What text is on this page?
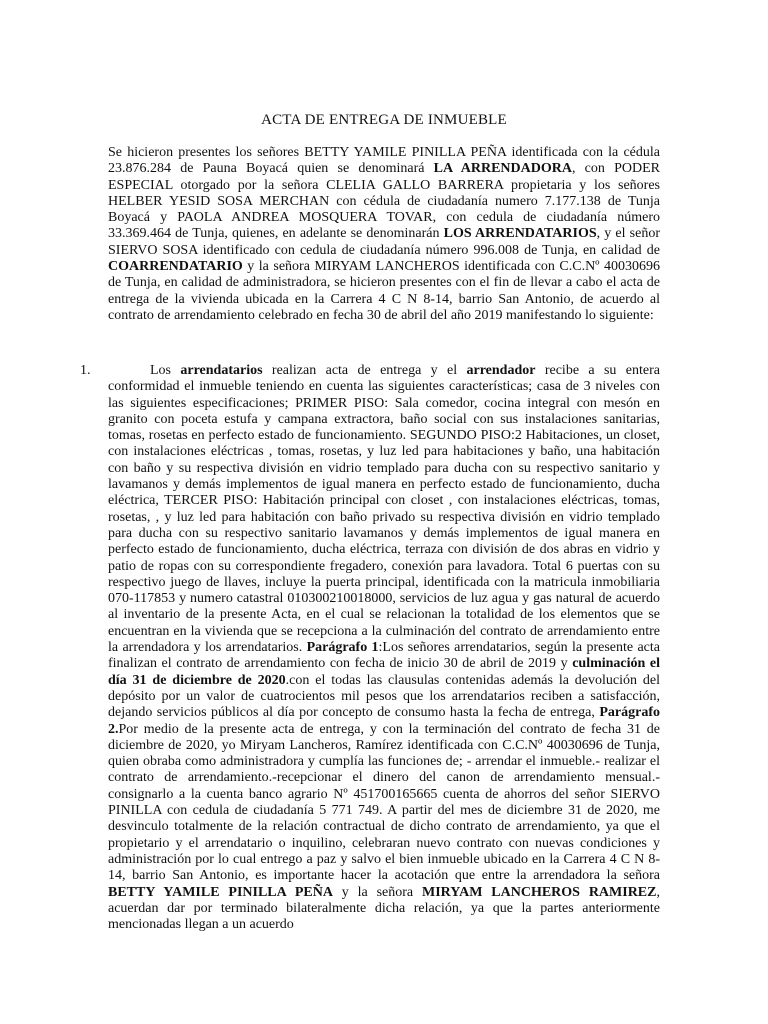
ACTA DE ENTREGA DE INMUEBLE

Se hicieron presentes los señores BETTY YAMILE PINILLA PEÑA identificada con la cédula 23.876.284 de Pauna Boyacá quien se denominará LA ARRENDADORA, con PODER ESPECIAL otorgado por la señora CLELIA GALLO BARRERA propietaria y los señores HELBER YESID SOSA MERCHAN con cédula de ciudadanía numero 7.177.138 de Tunja Boyacá y PAOLA ANDREA MOSQUERA TOVAR, con cedula de ciudadanía número 33.369.464 de Tunja, quienes, en adelante se denominarán LOS ARRENDATARIOS, y el señor SIERVO SOSA identificado con cedula de ciudadanía número 996.008 de Tunja, en calidad de COARRENDATARIO y la señora MIRYAM LANCHEROS identificada con C.C.Nº 40030696 de Tunja, en calidad de administradora, se hicieron presentes con el fin de llevar a cabo el acta de entrega de la vivienda ubicada en la Carrera 4 C N 8-14, barrio San Antonio, de acuerdo al contrato de arrendamiento celebrado en fecha 30 de abril del año 2019 manifestando lo siguiente:

1.	Los arrendatarios realizan acta de entrega y el arrendador recibe a su entera conformidad el inmueble teniendo en cuenta las siguientes características; casa de 3 niveles con las siguientes especificaciones; PRIMER PISO: Sala comedor, cocina integral con mesón en granito con poceta estufa y campana extractora, baño social con sus instalaciones sanitarias, tomas, rosetas en perfecto estado de funcionamiento. SEGUNDO PISO:2 Habitaciones, un closet, con instalaciones eléctricas , tomas, rosetas, y luz led para habitaciones y baño, una habitación con baño y su respectiva división en vidrio templado para ducha con su respectivo sanitario y lavamanos y demás implementos de igual manera en perfecto estado de funcionamiento, ducha eléctrica, TERCER PISO: Habitación principal con closet , con instalaciones eléctricas, tomas, rosetas, , y luz led para habitación con baño privado su respectiva división en vidrio templado para ducha con su respectivo sanitario lavamanos y demás implementos de igual manera en perfecto estado de funcionamiento, ducha eléctrica, terraza con división de dos abras en vidrio y patio de ropas con su correspondiente fregadero, conexión para lavadora. Total 6 puertas con su respectivo juego de llaves, incluye la puerta principal, identificada con la matricula inmobiliaria 070-117853 y numero catastral 010300210018000, servicios de luz agua y gas natural de acuerdo al inventario de la presente Acta, en el cual se relacionan la totalidad de los elementos que se encuentran en la vivienda que se recepciona a la culminación del contrato de arrendamiento entre la arrendadora y los arrendatarios. Parágrafo 1:Los señores arrendatarios, según la presente acta finalizan el contrato de arrendamiento con fecha de inicio 30 de abril de 2019 y culminación el día 31 de diciembre de 2020.con el todas las clausulas contenidas además la devolución del depósito por un valor de cuatrocientos mil pesos que los arrendatarios reciben a satisfacción, dejando servicios públicos al día por concepto de consumo hasta la fecha de entrega, Parágrafo 2.Por medio de la presente acta de entrega, y con la terminación del contrato de fecha 31 de diciembre de 2020, yo Miryam Lancheros, Ramírez identificada con C.C.Nº 40030696 de Tunja, quien obraba como administradora y cumplía las funciones de; - arrendar el inmueble.- realizar el contrato de arrendamiento.-recepcionar el dinero del canon de arrendamiento mensual.-consignarlo a la cuenta banco agrario Nº 451700165665 cuenta de ahorros del señor SIERVO PINILLA con cedula de ciudadanía 5 771 749. A partir del mes de diciembre 31 de 2020, me desvinculo totalmente de la relación contractual de dicho contrato de arrendamiento, ya que el propietario y el arrendatario o inquilino, celebraran nuevo contrato con nuevas condiciones y administración por lo cual entrego a paz y salvo el bien inmueble ubicado en la Carrera 4 C N 8-14, barrio San Antonio, es importante hacer la acotación que entre la arrendadora la señora BETTY YAMILE PINILLA PEÑA y la señora MIRYAM LANCHEROS RAMIREZ, acuerdan dar por terminado bilateralmente dicha relación, ya que la partes anteriormente mencionadas llegan a un acuerdo
